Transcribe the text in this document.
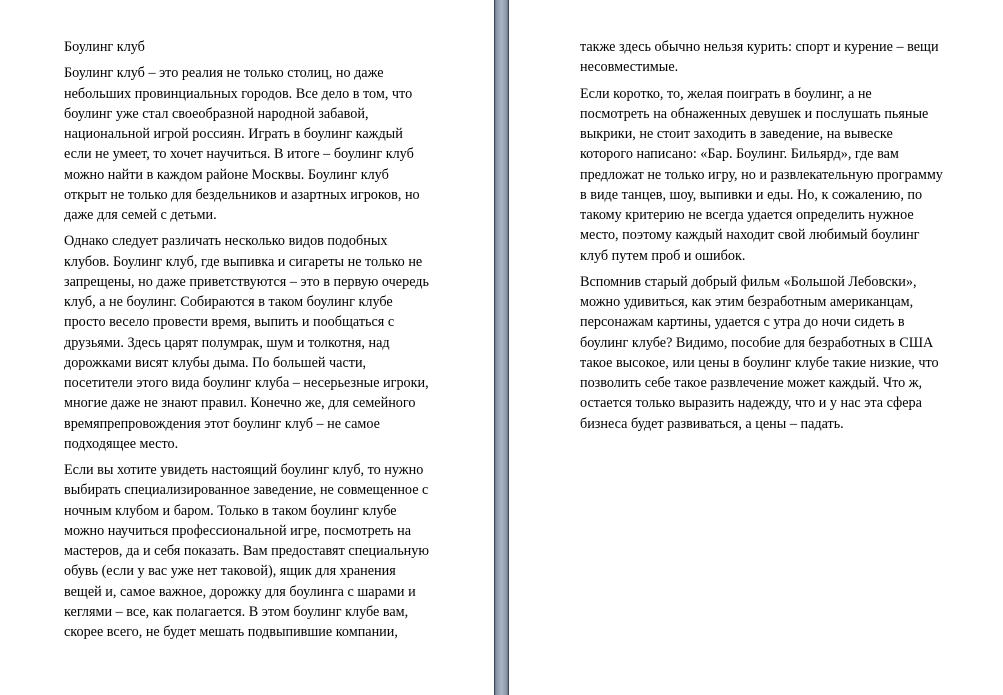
Боулинг клуб
Боулинг клуб – это реалия не только столиц, но даже
небольших провинциальных городов. Все дело в том, что
боулинг уже стал своеобразной народной забавой,
национальной игрой россиян. Играть в боулинг каждый
если не умеет, то хочет научиться. В итоге – боулинг клуб
можно найти в каждом районе Москвы. Боулинг клуб
открыт не только для бездельников и азартных игроков, но
даже для семей с детьми.
Однако следует различать несколько видов подобных
клубов. Боулинг клуб, где выпивка и сигареты не только не
запрещены, но даже приветствуются – это в первую очередь
клуб, а не боулинг. Собираются в таком боулинг клубе
просто весело провести время, выпить и пообщаться с
друзьями. Здесь царят полумрак, шум и толкотня, над
дорожками висят клубы дыма. По большей части,
посетители этого вида боулинг клуба – несерьезные игроки,
многие даже не знают правил. Конечно же, для семейного
времяпрепровождения этот боулинг клуб – не самое
подходящее место.
Если вы хотите увидеть настоящий боулинг клуб, то нужно
выбирать специализированное заведение, не совмещенное с
ночным клубом и баром. Только в таком боулинг клубе
можно научиться профессиональной игре, посмотреть на
мастеров, да и себя показать. Вам предоставят специальную
обувь (если у вас уже нет таковой), ящик для хранения
вещей и, самое важное, дорожку для боулинга с шарами и
кеглями – все, как полагается. В этом боулинг клубе вам,
скорее всего, не будет мешать подвыпившие компании,
также здесь обычно нельзя курить: спорт и курение – вещи
несовместимые.
Если коротко, то, желая поиграть в боулинг, а не
посмотреть на обнаженных девушек и послушать пьяные
выкрики, не стоит заходить в заведение, на вывеске
которого написано: «Бар. Боулинг. Бильярд», где вам
предложат не только игру, но и развлекательную программу
в виде танцев, шоу, выпивки и еды. Но, к сожалению, по
такому критерию не всегда удается определить нужное
место, поэтому каждый находит свой любимый боулинг
клуб путем проб и ошибок.
Вспомнив старый добрый фильм «Большой Лебовски»,
можно удивиться, как этим безработным американцам,
персонажам картины, удается с утра до ночи сидеть в
боулинг клубе? Видимо, пособие для безработных в США
такое высокое, или цены в боулинг клубе такие низкие, что
позволить себе такое развлечение может каждый. Что ж,
остается только выразить надежду, что и у нас эта сфера
бизнеса будет развиваться, а цены – падать.
